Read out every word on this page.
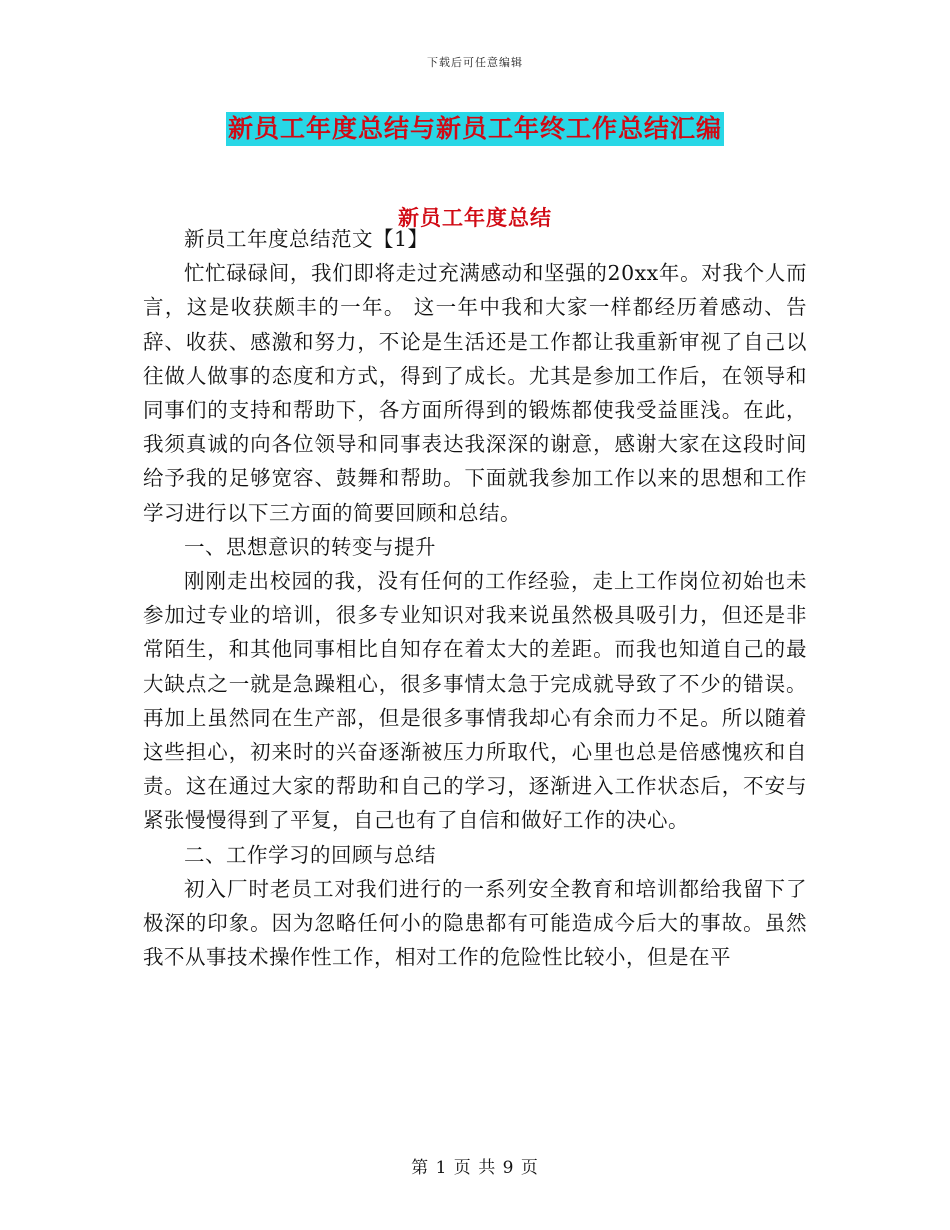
下载后可任意编辑
新员工年度总结与新员工年终工作总结汇编
新员工年度总结

新员工年度总结范文【1】

忙忙碌碌间，我们即将走过充满感动和坚强的20xx年。对我个人而言，这是收获颇丰的一年。 这一年中我和大家一样都经历着感动、告辞、收获、感激和努力，不论是生活还是工作都让我重新审视了自己以往做人做事的态度和方式，得到了成长。尤其是参加工作后，在领导和同事们的支持和帮助下，各方面所得到的锻炼都使我受益匪浅。在此，我须真诚的向各位领导和同事表达我深深的谢意，感谢大家在这段时间给予我的足够宽容、鼓舞和帮助。下面就我参加工作以来的思想和工作学习进行以下三方面的简要回顾和总结。

一、思想意识的转变与提升

刚刚走出校园的我，没有任何的工作经验，走上工作岗位初始也未参加过专业的培训，很多专业知识对我来说虽然极具吸引力，但还是非常陌生，和其他同事相比自知存在着太大的差距。而我也知道自己的最大缺点之一就是急躁粗心，很多事情太急于完成就导致了不少的错误。再加上虽然同在生产部，但是很多事情我却心有余而力不足。所以随着这些担心，初来时的兴奋逐渐被压力所取代，心里也总是倍感愧疚和自责。这在通过大家的帮助和自己的学习，逐渐进入工作状态后，不安与紧张慢慢得到了平复，自己也有了自信和做好工作的决心。

二、工作学习的回顾与总结

初入厂时老员工对我们进行的一系列安全教育和培训都给我留下了极深的印象。因为忽略任何小的隐患都有可能造成今后大的事故。虽然我不从事技术操作性工作，相对工作的危险性比较小，但是在平

第 1 页 共 9 页
